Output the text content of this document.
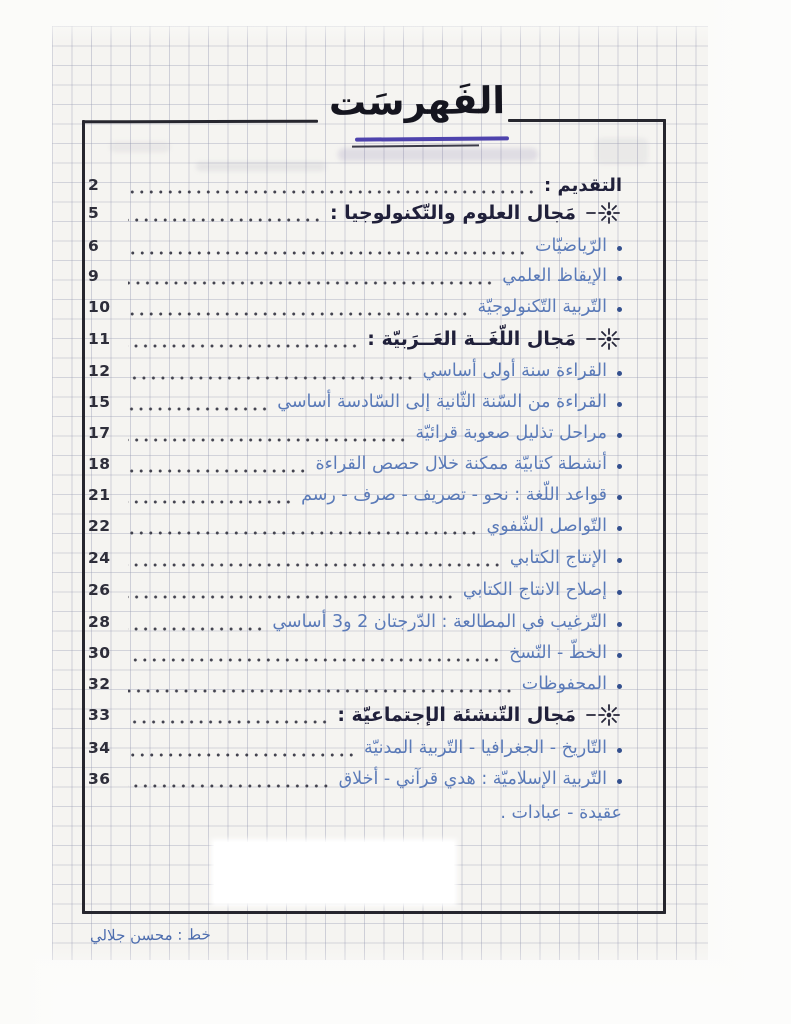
الفَهرسَت
التقديم :
2
مَجال العلوم والتّكنولوجيا :
5
الرّياضيّات
6
الإيقاظ العلمي
9
التّربية التّكنولوجيّة
10
مَجال اللّغَــة العَــرَبيّة :
11
القراءة سنة أولى أساسي
12
القراءة من السّنة الثّانية إلى السّادسة أساسي
15
مراحل تذليل صعوبة قرائيّة
17
أنشطة كتابيّة ممكنة خلال حصص القراءة
18
قواعد اللّغة : نحو - تصريف - صرف - رسم
21
التّواصل الشّفوي
22
الإنتاج الكتابي
24
إصلاح الانتاج الكتابي
26
التّرغيب في المطالعة : الدّرجتان 2 و3 أساسي
28
الخطّ - النّسخ
30
المحفوظات
32
مَجال التّنشئة الإجتماعيّة :
33
التّاريخ - الجغرافيا - التّربية المدنيّة
34
التّربية الإسلاميّة : هدي قرآني - أخلاق
36
عقيدة - عبادات .
خط : محسن جلالي
